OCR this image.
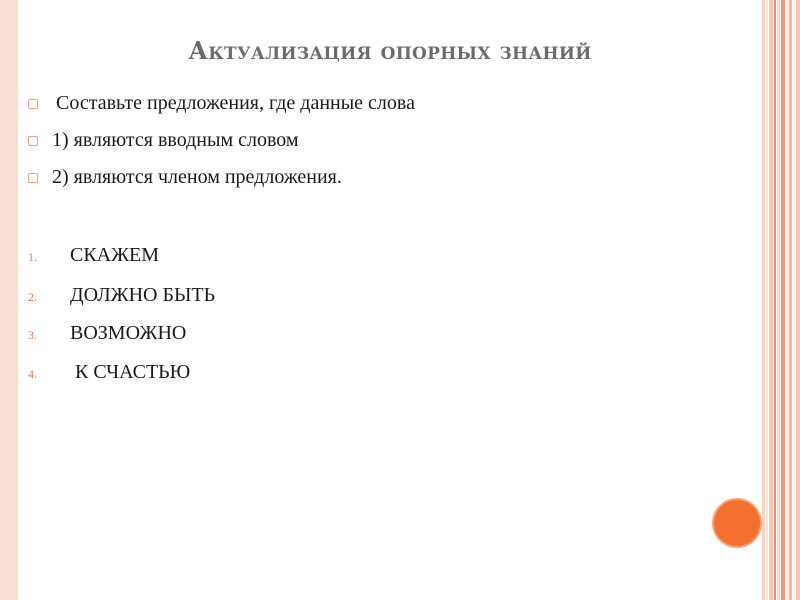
Актуализация опорных знаний
Составьте предложения, где данные слова
1) являются вводным словом
2) являются членом предложения.
1.	СКАЖЕМ
2.	ДОЛЖНО БЫТЬ
3.	ВОЗМОЖНО
4.	К СЧАСТЬЮ
